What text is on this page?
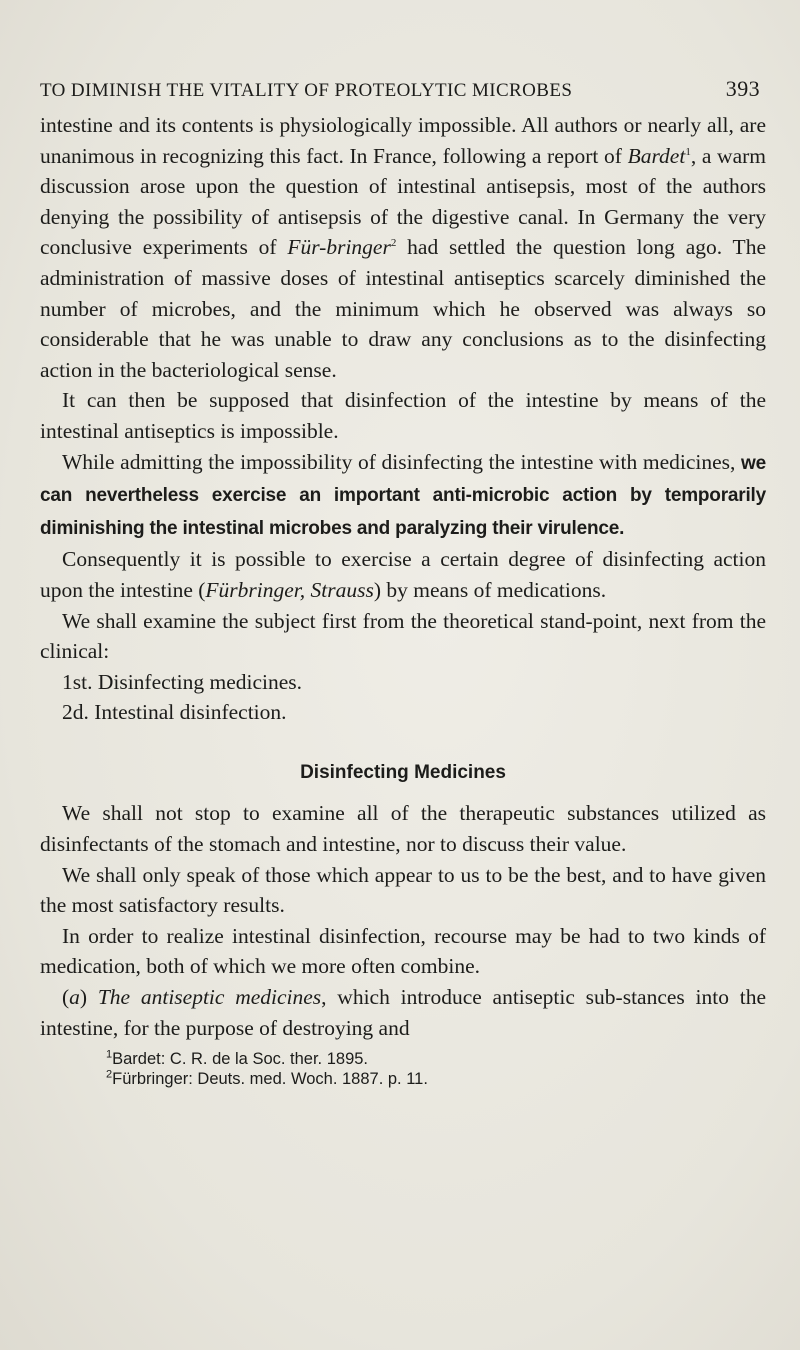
TO DIMINISH THE VITALITY OF PROTEOLYTIC MICROBES	393

intestine and its contents is physiologically impossible. All authors or nearly all, are unanimous in recognizing this fact. In France, following a report of Bardet$^1$, a warm discussion arose upon the question of intestinal antisepsis, most of the authors denying the possibility of antisepsis of the digestive canal. In Germany the very conclusive experiments of Für-bringer$^2$ had settled the question long ago. The administration of massive doses of intestinal antiseptics scarcely diminished the number of microbes, and the minimum which he observed was always so considerable that he was unable to draw any conclusions as to the disinfecting action in the bacteriological sense.

It can then be supposed that disinfection of the intestine by means of the intestinal antiseptics is impossible.

While admitting the impossibility of disinfecting the intestine with medicines, we can nevertheless exercise an important anti-microbic action by temporarily diminishing the intestinal microbes and paralyzing their virulence.

Consequently it is possible to exercise a certain degree of disinfecting action upon the intestine (Fürbringer, Strauss) by means of medications.

We shall examine the subject first from the theoretical stand-point, next from the clinical:

1st. Disinfecting medicines.

2d. Intestinal disinfection.

Disinfecting Medicines

We shall not stop to examine all of the therapeutic substances utilized as disinfectants of the stomach and intestine, nor to discuss their value.

We shall only speak of those which appear to us to be the best, and to have given the most satisfactory results.

In order to realize intestinal disinfection, recourse may be had to two kinds of medication, both of which we more often combine.

(a) The antiseptic medicines, which introduce antiseptic sub-stances into the intestine, for the purpose of destroying and

$^1$Bardet: C. R. de la Soc. ther. 1895.
$^2$Fürbringer: Deuts. med. Woch. 1887. p. 11.
